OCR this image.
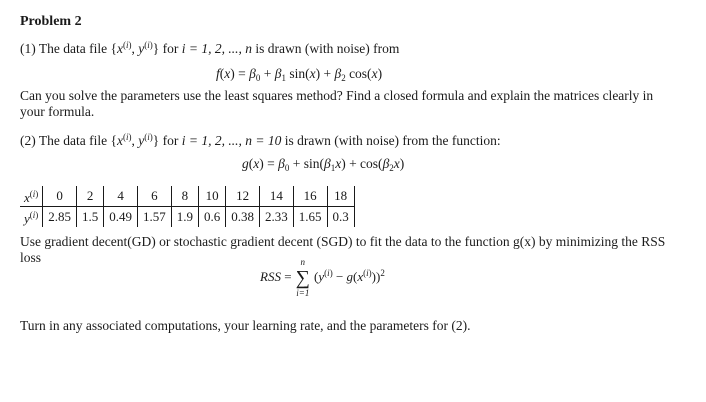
Problem 2
(1) The data file {$x^{(i)}$, $y^{(i)}$} for i = 1, 2, ..., n is drawn (with noise) from
$f(x) = \beta_0 + \beta_1$ $\sin(x) + \beta_2$ cos(x)
Can you solve the parameters use the least squares method? Find a closed formula and explain the matrices clearly in your formula.
(2) The data file {$x^{(i)}$, $y^{(i)}$} for i = 1, 2, ..., n = 10 is drawn (with noise) from the function:
$g(x) = \beta_0 + \sin(\beta_1x) + \cos(\beta_2x)$
$x^{(i)}$	0	2	4	6	8	10	12	14	16	18
$y^{(i)}$	2.85	1.5	0.49	1.57	1.9	0.6	0.38	2.33	1.65	0.3
Use gradient decent(GD) or stochastic gradient decent (SGD) to fit the data to the function g(x) by minimizing the RSS loss
RSS =
n
∑
i=1
$(y^{(i)} - g(x^{(i)}))^2$
Turn in any associated computations, your learning rate, and the parameters for (2).
